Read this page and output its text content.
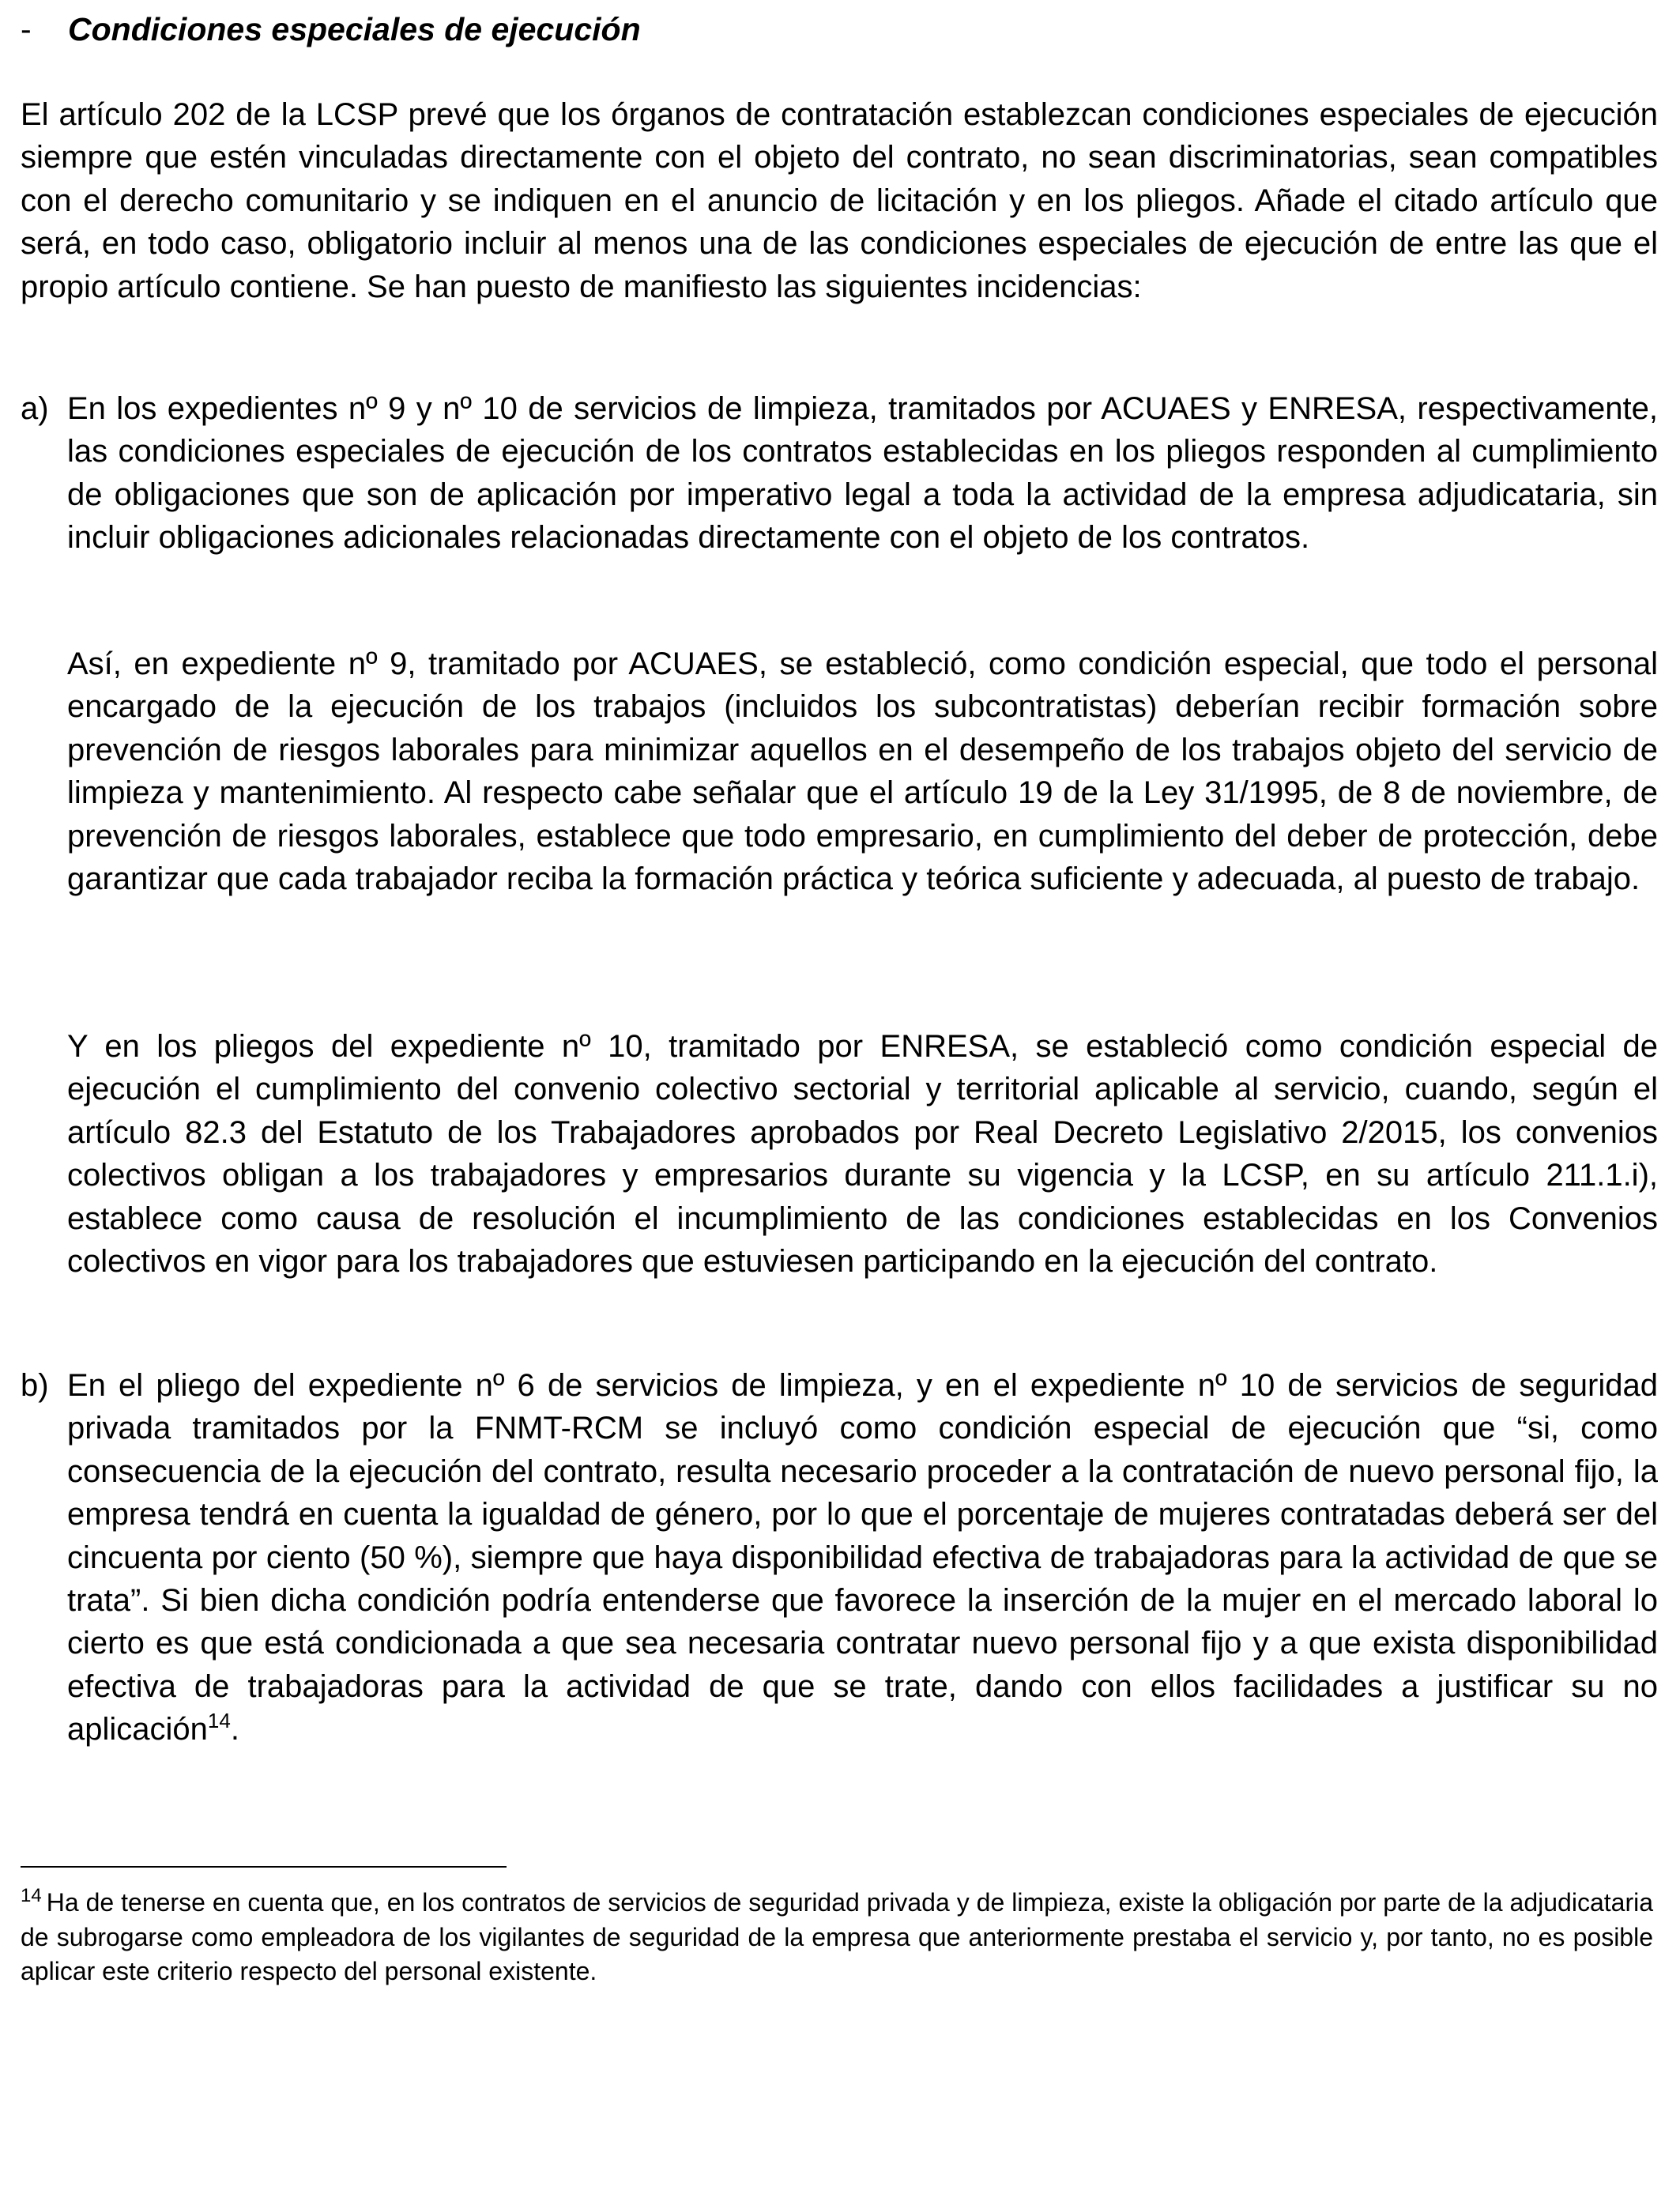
- Condiciones especiales de ejecución
El artículo 202 de la LCSP prevé que los órganos de contratación establezcan condiciones especiales de ejecución siempre que estén vinculadas directamente con el objeto del contrato, no sean discriminatorias, sean compatibles con el derecho comunitario y se indiquen en el anuncio de licitación y en los pliegos. Añade el citado artículo que será, en todo caso, obligatorio incluir al menos una de las condiciones especiales de ejecución de entre las que el propio artículo contiene. Se han puesto de manifiesto las siguientes incidencias:
a) En los expedientes nº 9 y nº 10 de servicios de limpieza, tramitados por ACUAES y ENRESA, respectivamente, las condiciones especiales de ejecución de los contratos establecidas en los pliegos responden al cumplimiento de obligaciones que son de aplicación por imperativo legal a toda la actividad de la empresa adjudicataria, sin incluir obligaciones adicionales relacionadas directamente con el objeto de los contratos.
Así, en expediente nº 9, tramitado por ACUAES, se estableció, como condición especial, que todo el personal encargado de la ejecución de los trabajos (incluidos los subcontratistas) deberían recibir formación sobre prevención de riesgos laborales para minimizar aquellos en el desempeño de los trabajos objeto del servicio de limpieza y mantenimiento. Al respecto cabe señalar que el artículo 19 de la Ley 31/1995, de 8 de noviembre, de prevención de riesgos laborales, establece que todo empresario, en cumplimiento del deber de protección, debe garantizar que cada trabajador reciba la formación práctica y teórica suficiente y adecuada, al puesto de trabajo.
Y en los pliegos del expediente nº 10, tramitado por ENRESA, se estableció como condición especial de ejecución el cumplimiento del convenio colectivo sectorial y territorial aplicable al servicio, cuando, según el artículo 82.3 del Estatuto de los Trabajadores aprobados por Real Decreto Legislativo 2/2015, los convenios colectivos obligan a los trabajadores y empresarios durante su vigencia y la LCSP, en su artículo 211.1.i), establece como causa de resolución el incumplimiento de las condiciones establecidas en los Convenios colectivos en vigor para los trabajadores que estuviesen participando en la ejecución del contrato.
b) En el pliego del expediente nº 6 de servicios de limpieza, y en el expediente nº 10 de servicios de seguridad privada tramitados por la FNMT-RCM se incluyó como condición especial de ejecución que “si, como consecuencia de la ejecución del contrato, resulta necesario proceder a la contratación de nuevo personal fijo, la empresa tendrá en cuenta la igualdad de género, por lo que el porcentaje de mujeres contratadas deberá ser del cincuenta por ciento (50 %), siempre que haya disponibilidad efectiva de trabajadoras para la actividad de que se trata”. Si bien dicha condición podría entenderse que favorece la inserción de la mujer en el mercado laboral lo cierto es que está condicionada a que sea necesaria contratar nuevo personal fijo y a que exista disponibilidad efectiva de trabajadoras para la actividad de que se trate, dando con ellos facilidades a justificar su no aplicación$^{14}$.
$^{14}$ Ha de tenerse en cuenta que, en los contratos de servicios de seguridad privada y de limpieza, existe la obligación por parte de la adjudicataria de subrogarse como empleadora de los vigilantes de seguridad de la empresa que anteriormente prestaba el servicio y, por tanto, no es posible aplicar este criterio respecto del personal existente.
